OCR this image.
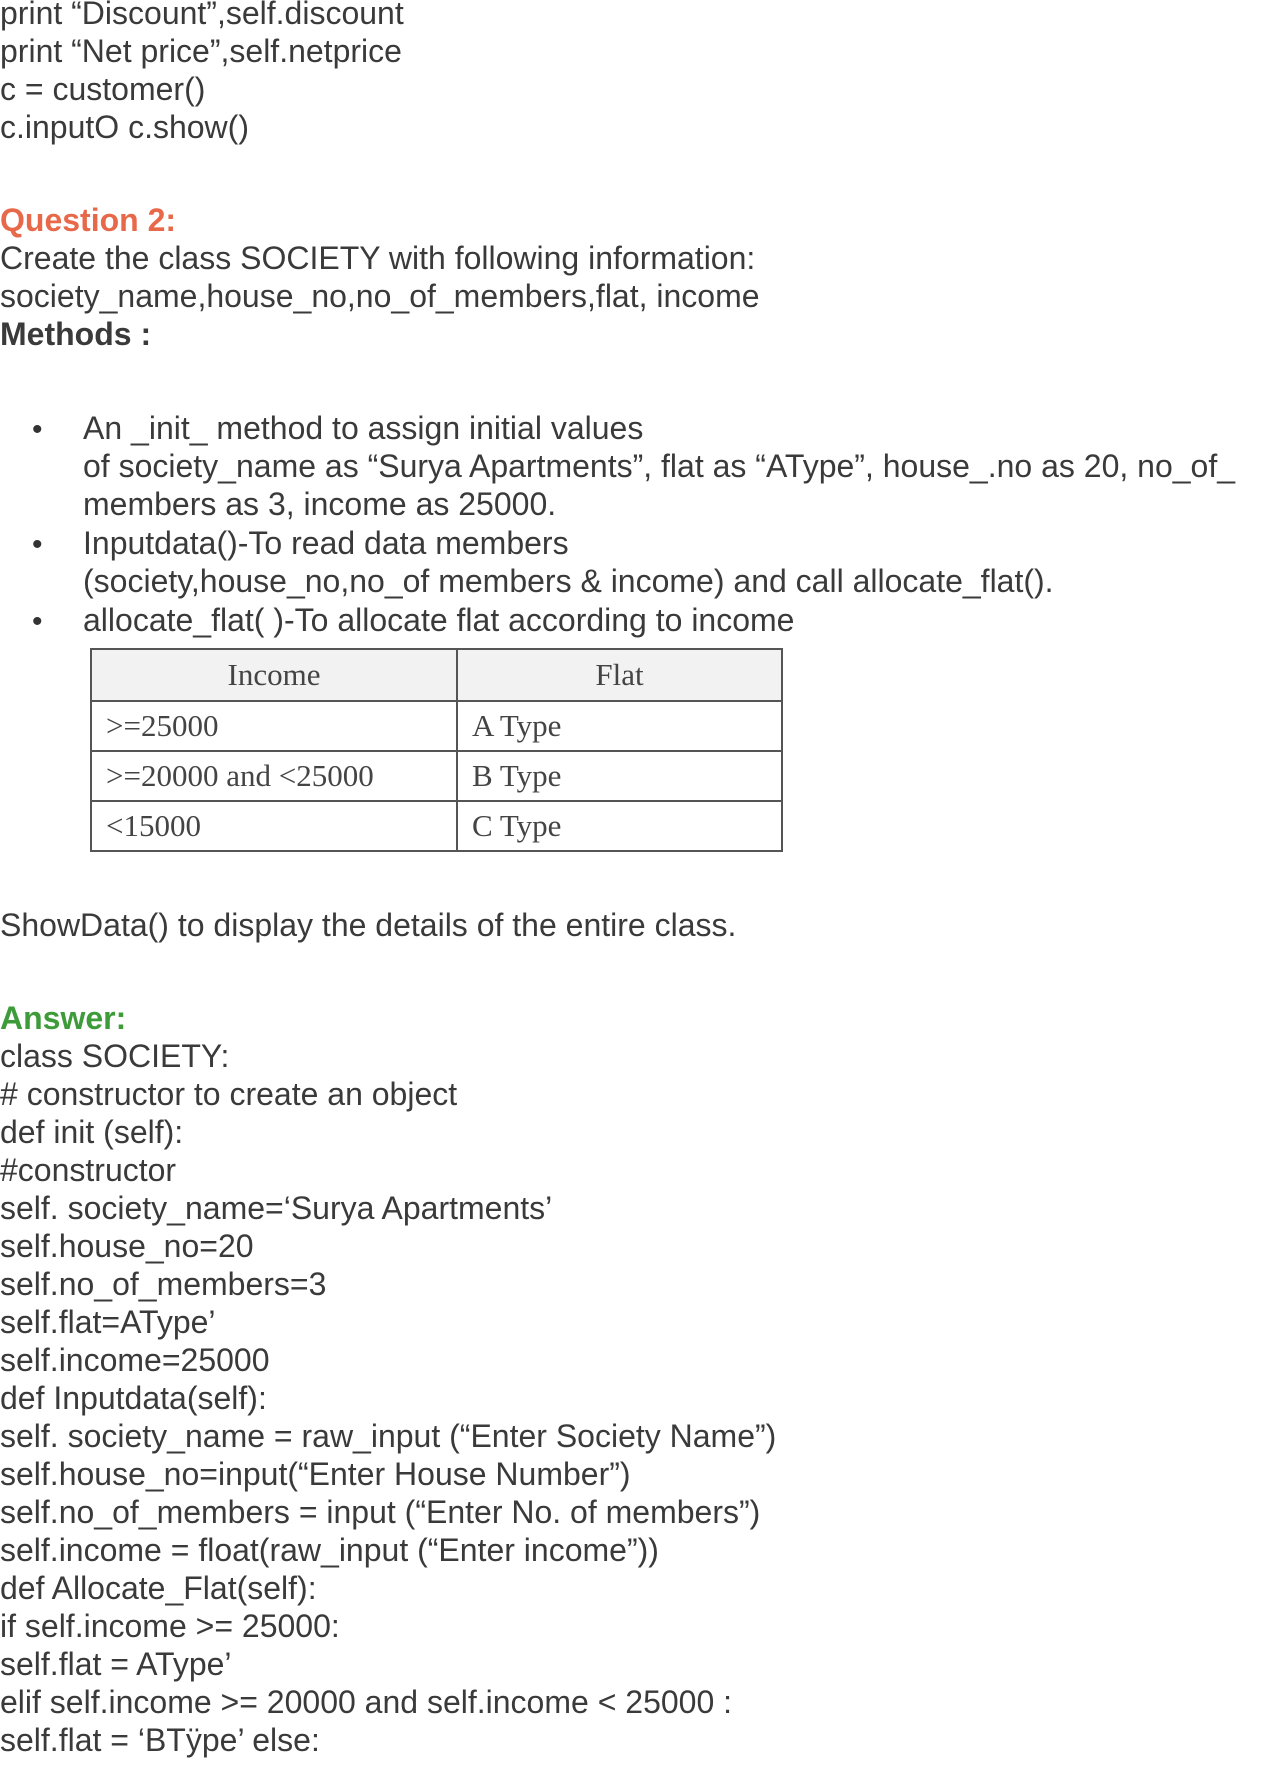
print “Discount”,self.discount
print “Net price”,self.netprice
c = customer()
c.inputO c.show()
Question 2:
Create the class SOCIETY with following information:
society_name,house_no,no_of_members,flat, income
Methods :
• An _init_ method to assign initial values
of society_name as “Surya Apartments”, flat as “AType”, house_.no as 20, no_of_
members as 3, income as 25000.
• Inputdata()-To read data members
(society,house_no,no_of members & income) and call allocate_flat().
• allocate_flat( )-To allocate flat according to income
Income	Flat
>=25000	A Type
>=20000 and <25000	B Type
<15000	C Type
ShowData() to display the details of the entire class.
Answer:
class SOCIETY:
# constructor to create an object
def init (self):
#constructor
self. society_name=‘Surya Apartments’
self.house_no=20
self.no_of_members=3
self.flat=AType’
self.income=25000
def Inputdata(self):
self. society_name = raw_input (“Enter Society Name”)
self.house_no=input(“Enter House Number”)
self.no_of_members = input (“Enter No. of members”)
self.income = float(raw_input (“Enter income”))
def Allocate_Flat(self):
if self.income >= 25000:
self.flat = AType’
elif self.income >= 20000 and self.income < 25000 :
self.flat = ‘BTÿpe’ else:
